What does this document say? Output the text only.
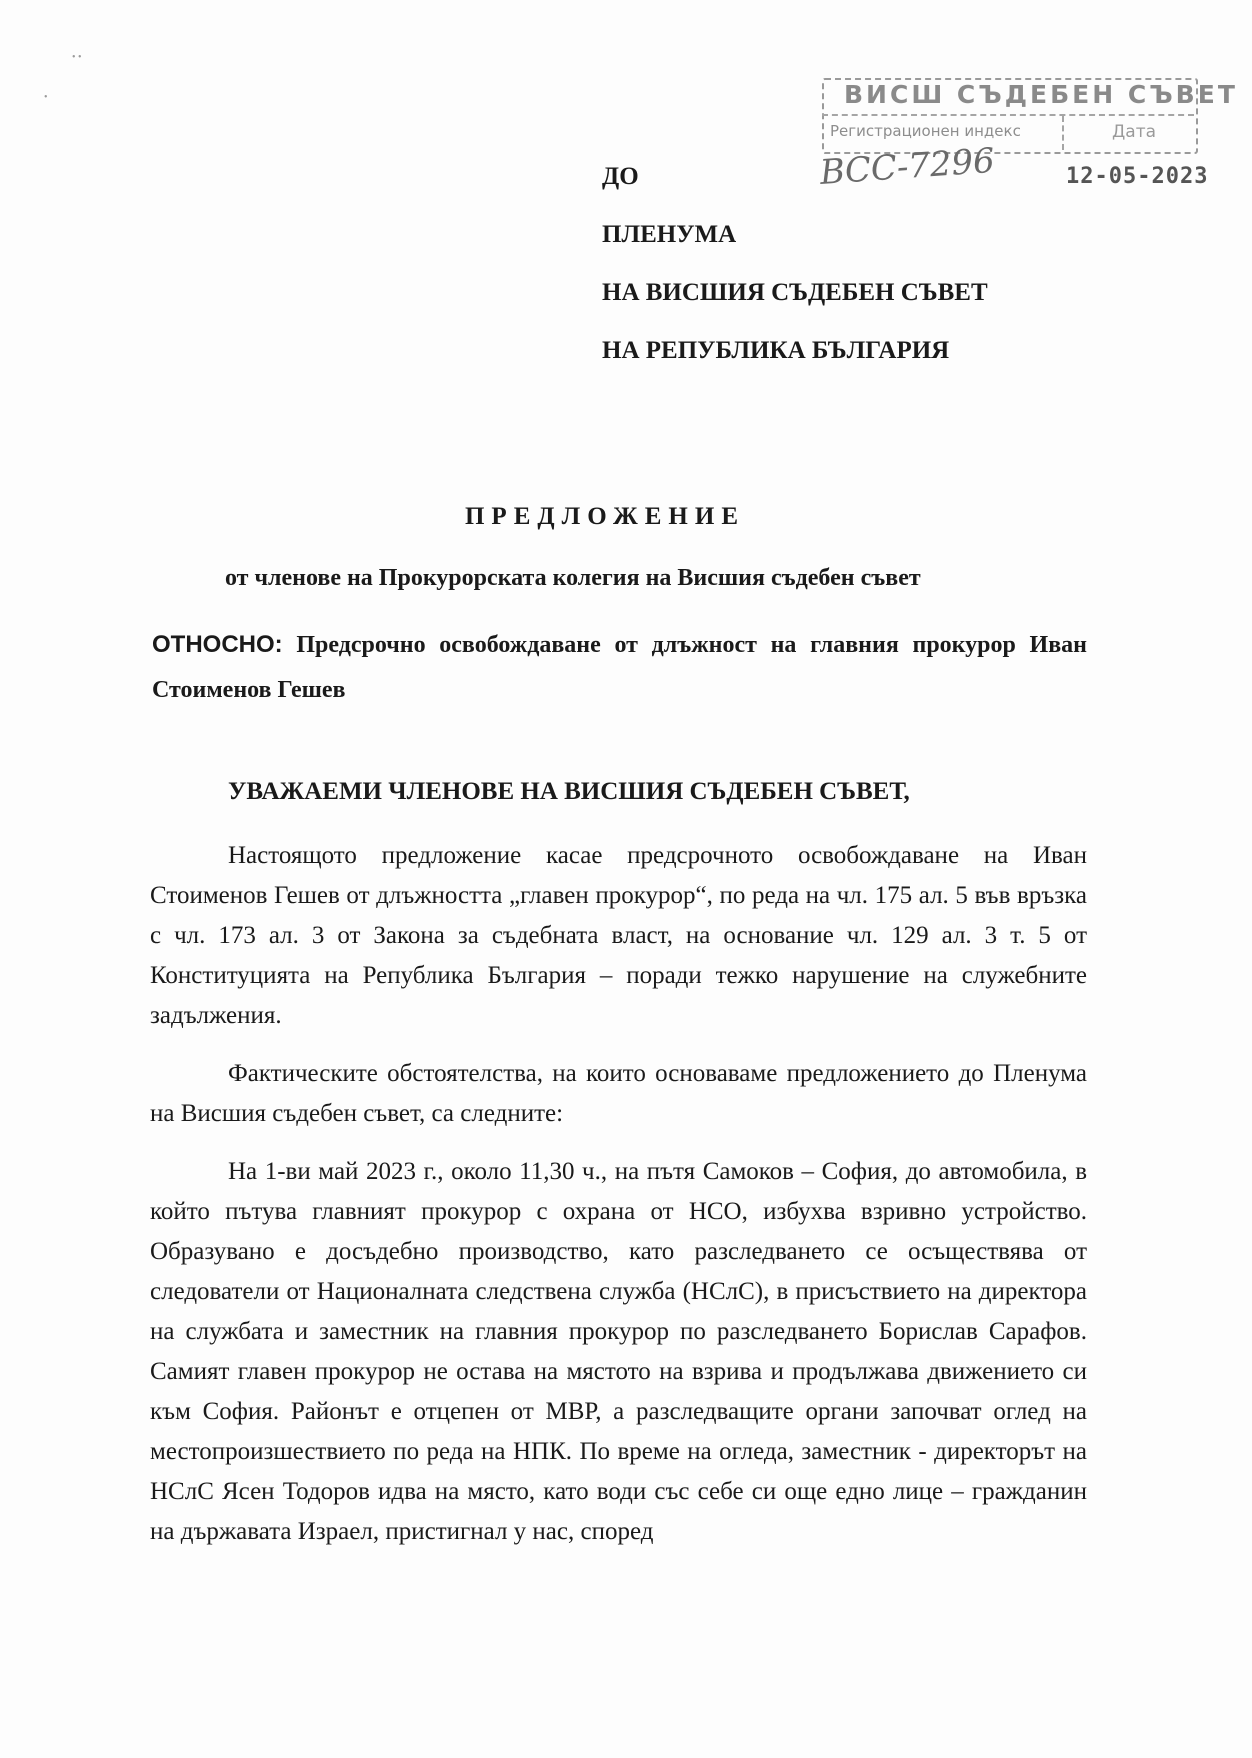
• •
•	ВИСШ СЪДЕБЕН СЪВЕТ
Регистрационен индекс	Дата
ВСС-7296	12-05-2023
ДО
ПЛЕНУМА
НА ВИСШИЯ СЪДЕБЕН СЪВЕТ
НА РЕПУБЛИКА БЪЛГАРИЯ
ПРЕДЛОЖЕНИЕ
от членове на Прокурорската колегия на Висшия съдебен съвет
ОТНОСНО: Предсрочно освобождаване от длъжност на главния прокурор Иван Стоименов Гешев
УВАЖАЕМИ ЧЛЕНОВЕ НА ВИСШИЯ СЪДЕБЕН СЪВЕТ,

Настоящото предложение касае предсрочното освобождаване на Иван Стоименов Гешев от длъжността „главен прокурор“, по реда на чл. 175 ал. 5 във връзка с чл. 173 ал. 3 от Закона за съдебната власт, на основание чл. 129 ал. 3 т. 5 от Конституцията на Република България – поради тежко нарушение на служебните задължения.

Фактическите обстоятелства, на които основаваме предложението до Пленума на Висшия съдебен съвет, са следните:

На 1-ви май 2023 г., около 11,30 ч., на пътя Самоков – София, до автомобила, в който пътува главният прокурор с охрана от НСО, избухва взривно устройство. Образувано е досъдебно производство, като разследването се осъществява от следователи от Националната следствена служба (НСлС), в присъствието на директора на службата и заместник на главния прокурор по разследването Борислав Сарафов. Самият главен прокурор не остава на мястото на взрива и продължава движението си към София. Районът е отцепен от МВР, а разследващите органи започват оглед на местопроизшествието по реда на НПК. По време на огледа, заместник - директорът на НСлС Ясен Тодоров идва на място, като води със себе си още едно лице – гражданин на държавата Израел, пристигнал у нас, според
